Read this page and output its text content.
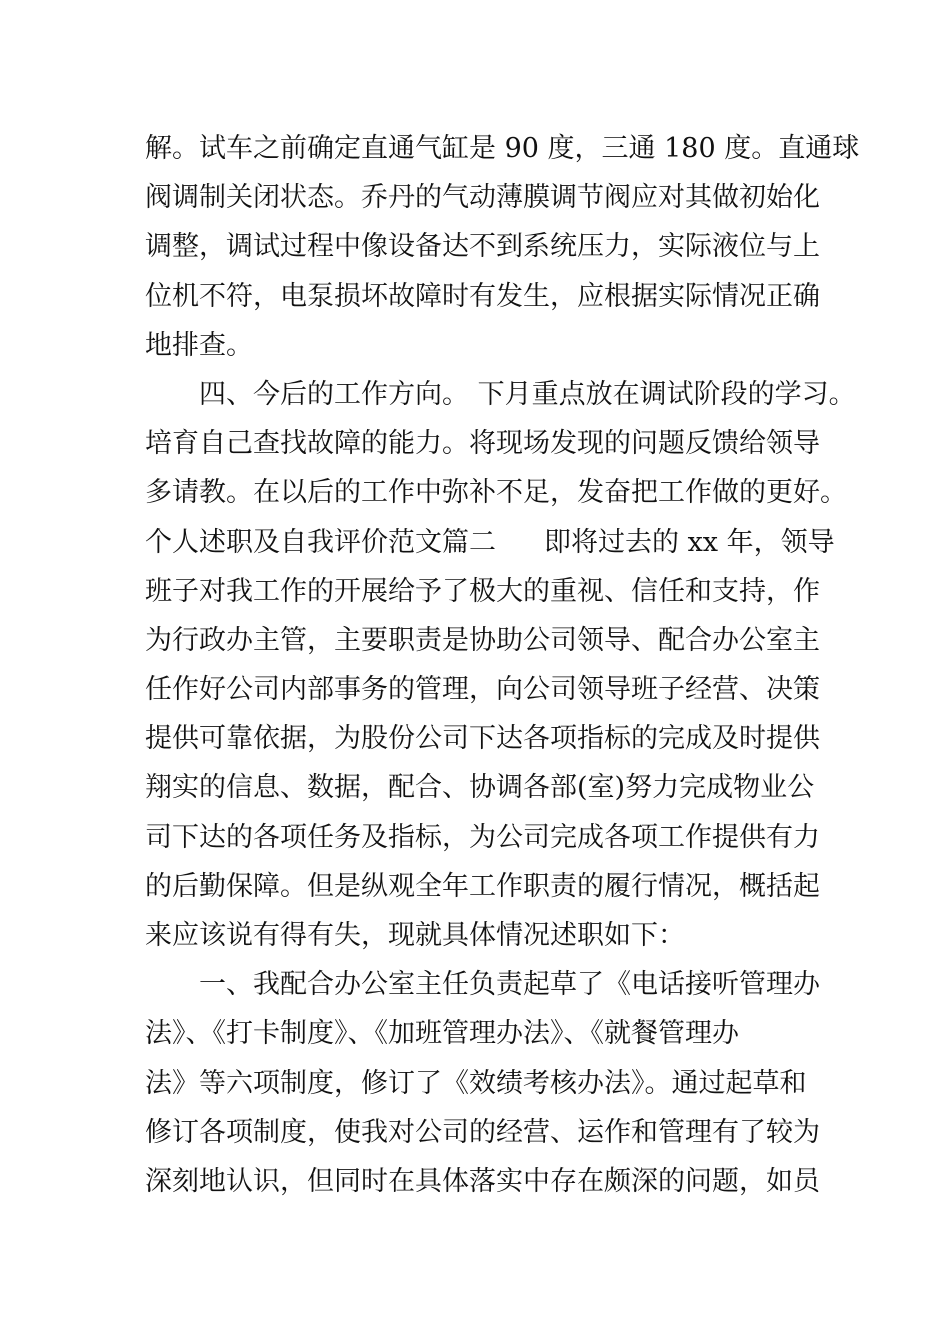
解。试车之前确定直通气缸是 90 度，三通 180 度。直通球
阀调制关闭状态。乔丹的气动薄膜调节阀应对其做初始化
调整，调试过程中像设备达不到系统压力，实际液位与上
位机不符，电泵损坏故障时有发生，应根据实际情况正确
地排查。
四、今后的工作方向。 下月重点放在调试阶段的学习。
培育自己查找故障的能力。将现场发现的问题反馈给领导
多请教。在以后的工作中弥补不足，发奋把工作做的更好。
个人述职及自我评价范文篇二 即将过去的 xx 年，领导
班子对我工作的开展给予了极大的重视、信任和支持，作
为行政办主管，主要职责是协助公司领导、配合办公室主
任作好公司内部事务的管理，向公司领导班子经营、决策
提供可靠依据，为股份公司下达各项指标的完成及时提供
翔实的信息、数据，配合、协调各部(室)努力完成物业公
司下达的各项任务及指标，为公司完成各项工作提供有力
的后勤保障。但是纵观全年工作职责的履行情况，概括起
来应该说有得有失，现就具体情况述职如下：
一、我配合办公室主任负责起草了《电话接听管理办
法》、《打卡制度》、《加班管理办法》、《就餐管理办
法》等六项制度，修订了《效绩考核办法》。通过起草和
修订各项制度，使我对公司的经营、运作和管理有了较为
深刻地认识，但同时在具体落实中存在颇深的问题，如员
